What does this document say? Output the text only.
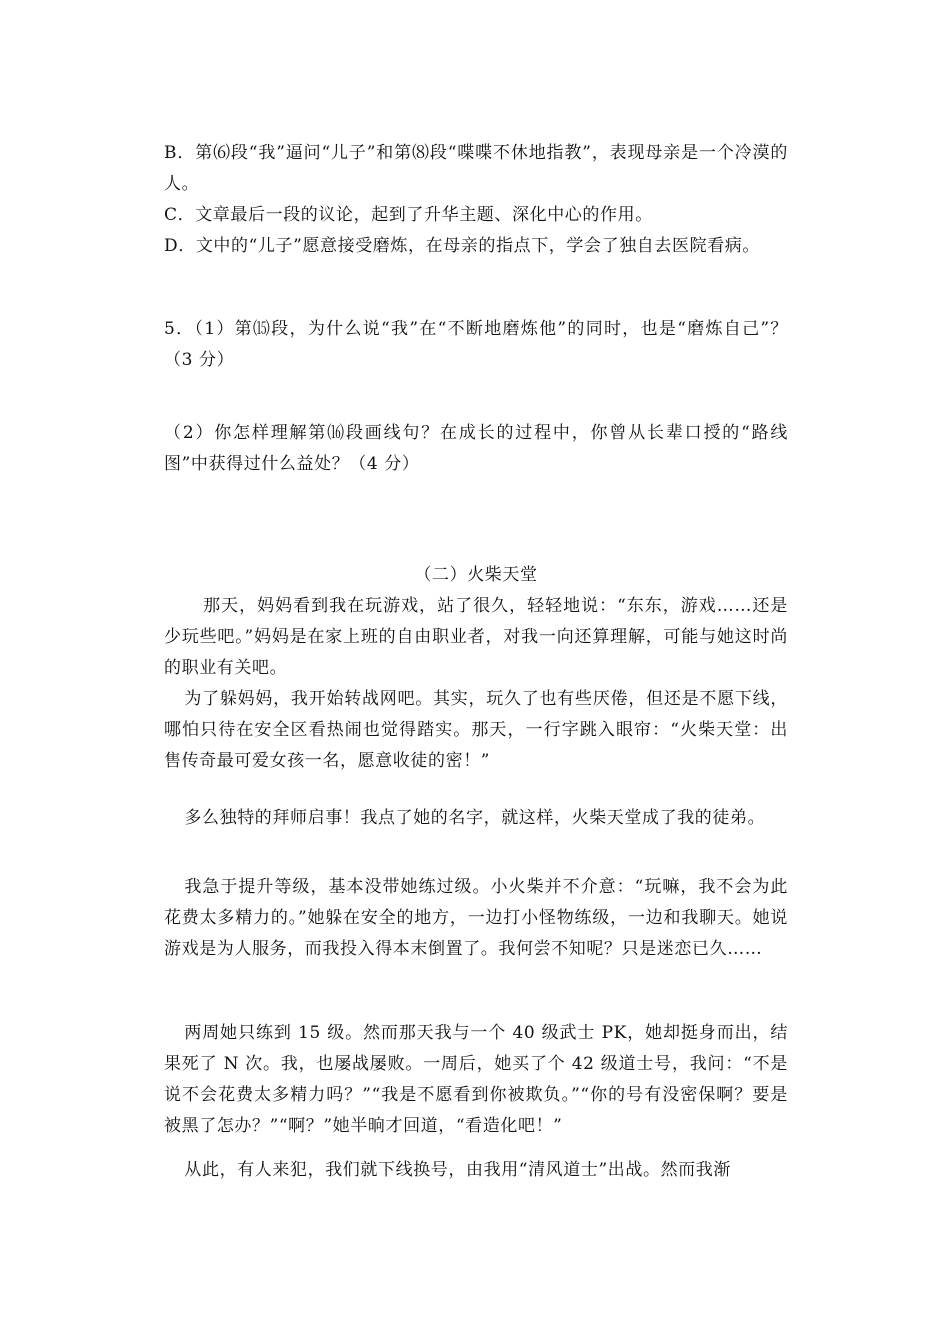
B．第⑹段“我”逼问“儿子”和第⑻段“喋喋不休地指教”，表现母亲是一个冷漠的人。
C．文章最后一段的议论，起到了升华主题、深化中心的作用。
D．文中的“儿子”愿意接受磨炼，在母亲的指点下，学会了独自去医院看病。
5．（1）第⒂段，为什么说“我”在“不断地磨炼他”的同时，也是“磨炼自己”？（3 分）
（2）你怎样理解第⒃段画线句？在成长的过程中，你曾从长辈口授的“路线图”中获得过什么益处？（4 分）
（二）火柴天堂
那天，妈妈看到我在玩游戏，站了很久，轻轻地说：“东东，游戏……还是少玩些吧。”妈妈是在家上班的自由职业者，对我一向还算理解，可能与她这时尚的职业有关吧。
为了躲妈妈，我开始转战网吧。其实，玩久了也有些厌倦，但还是不愿下线，哪怕只待在安全区看热闹也觉得踏实。那天，一行字跳入眼帘：“火柴天堂：出售传奇最可爱女孩一名，愿意收徒的密！”
多么独特的拜师启事！我点了她的名字，就这样，火柴天堂成了我的徒弟。
我急于提升等级，基本没带她练过级。小火柴并不介意：“玩嘛，我不会为此花费太多精力的。”她躲在安全的地方，一边打小怪物练级，一边和我聊天。她说游戏是为人服务，而我投入得本末倒置了。我何尝不知呢？只是迷恋已久……
两周她只练到 15 级。然而那天我与一个 40 级武士 PK，她却挺身而出，结果死了 N 次。我，也屡战屡败。一周后，她买了个 42 级道士号，我问：“不是说不会花费太多精力吗？”“我是不愿看到你被欺负。”“你的号有没密保啊？要是被黑了怎办？”“啊？”她半晌才回道，“看造化吧！”
从此，有人来犯，我们就下线换号，由我用“清风道士”出战。然而我渐
